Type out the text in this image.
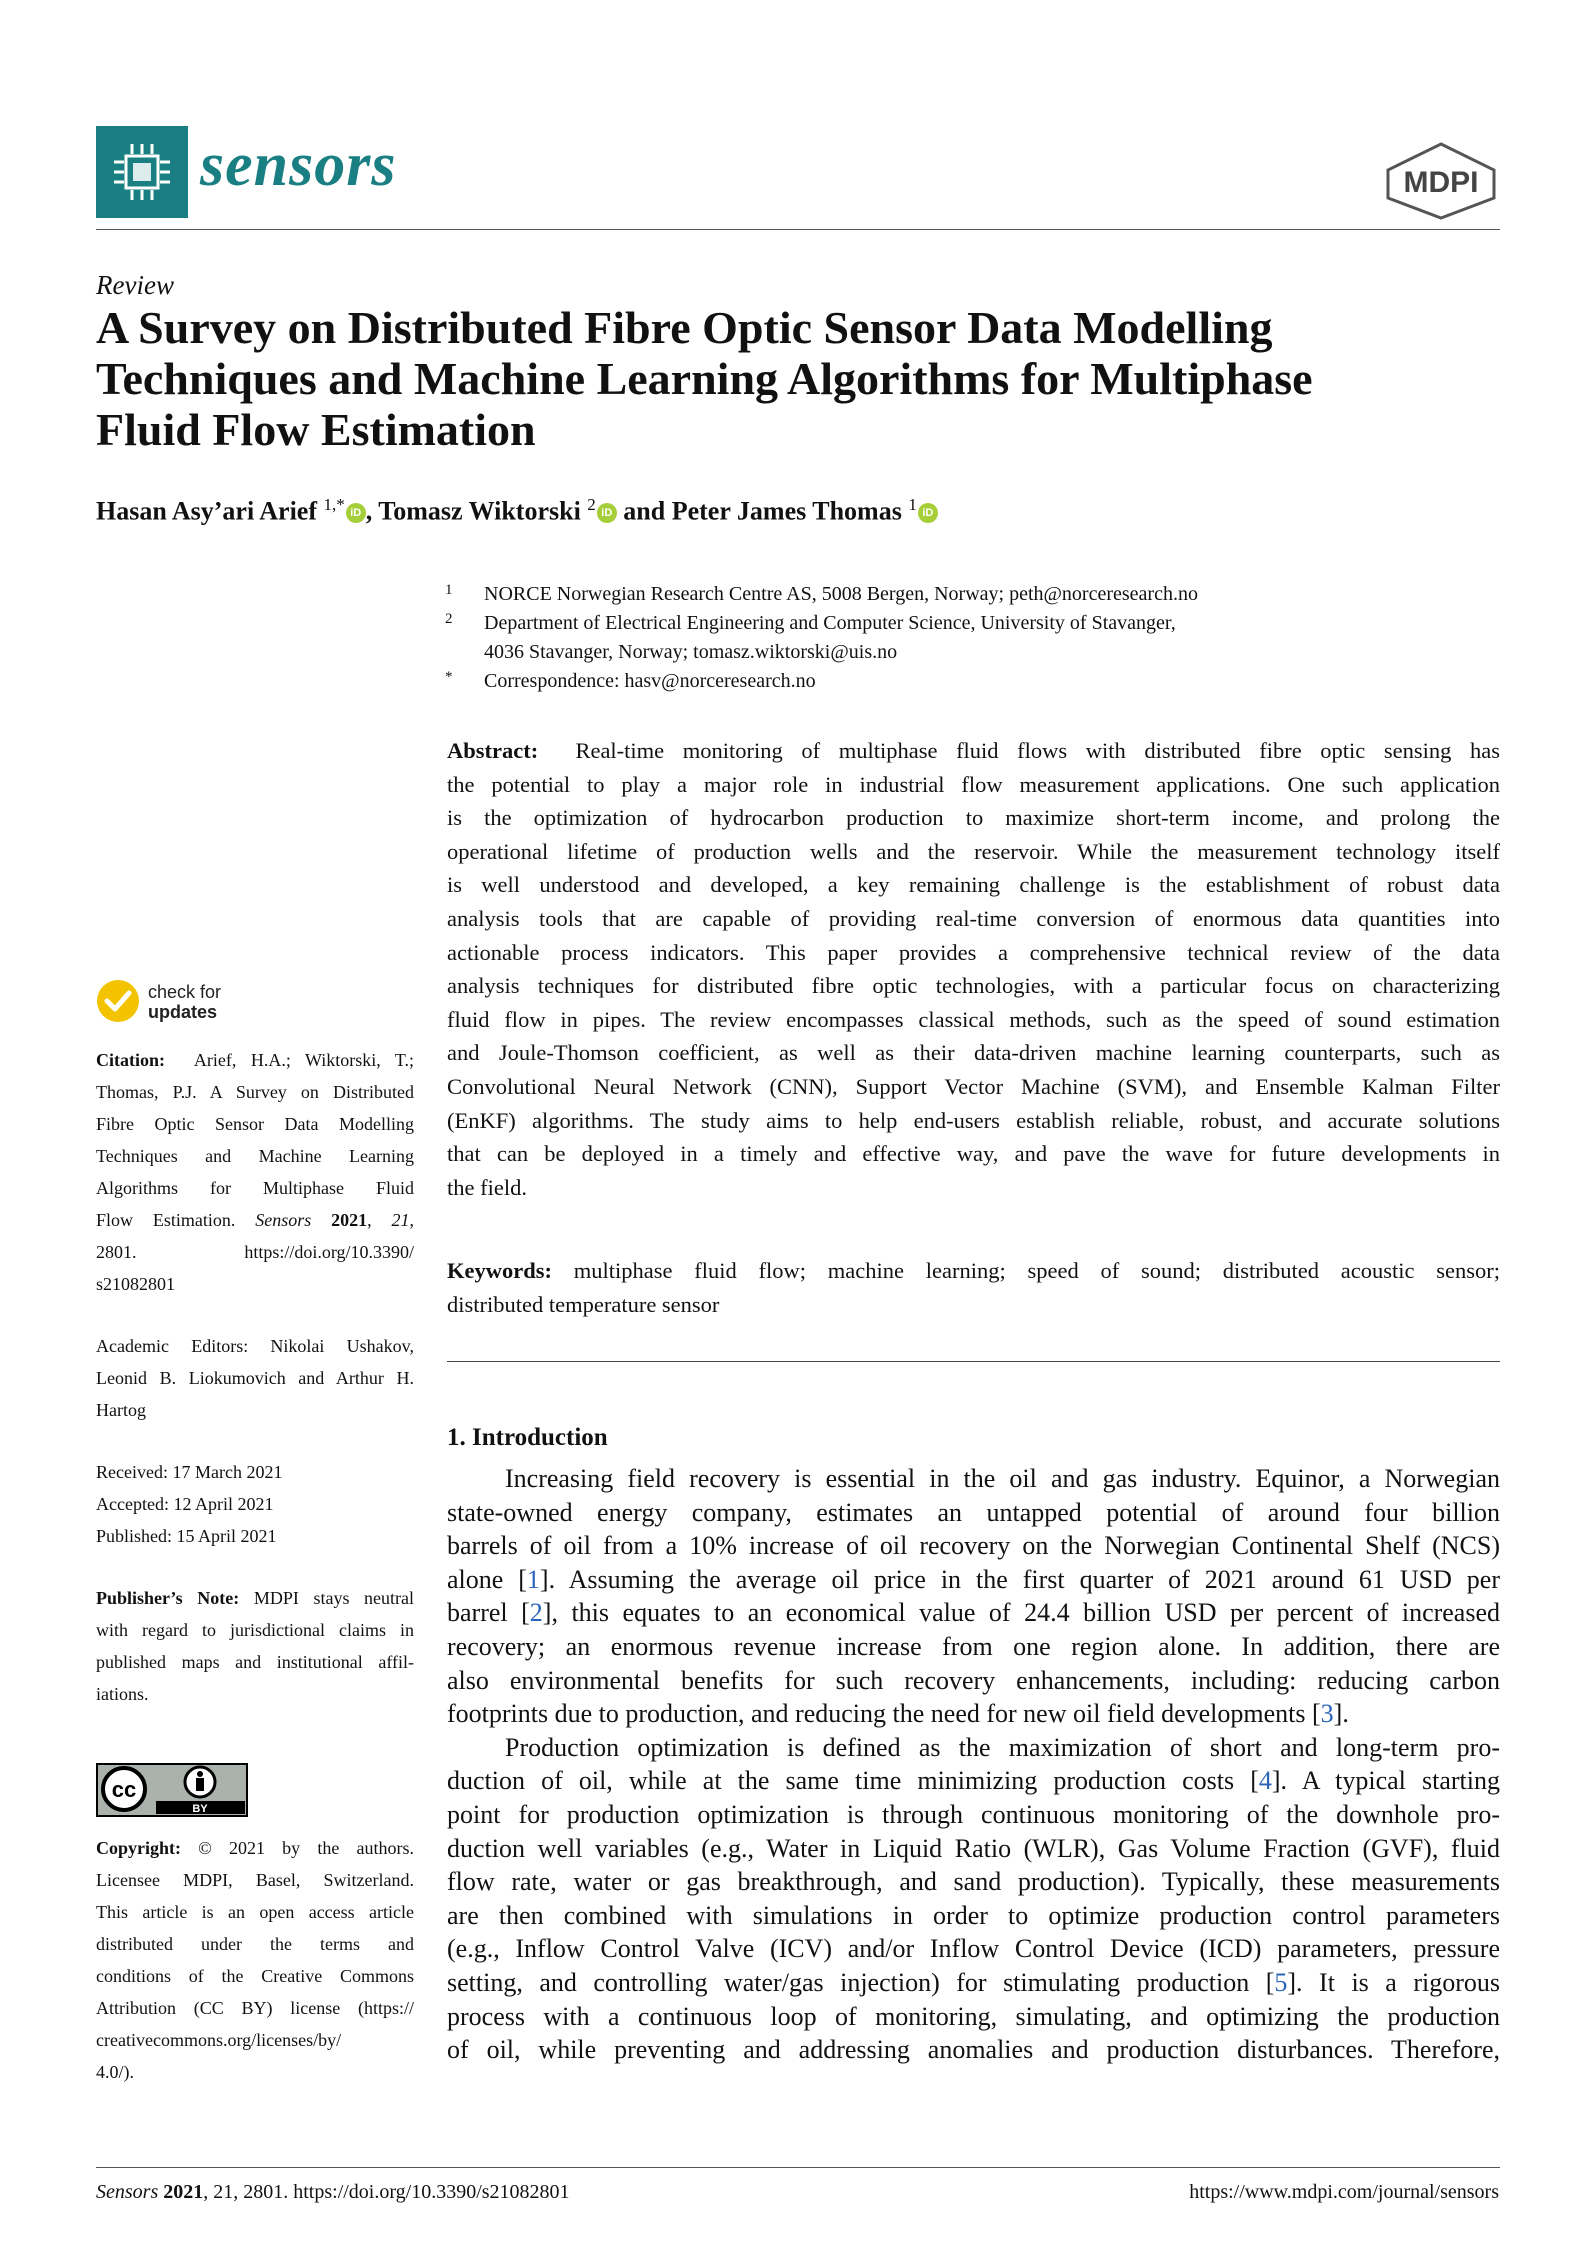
sensors	MDPI
Review
A Survey on Distributed Fibre Optic Sensor Data Modelling
Techniques and Machine Learning Algorithms for Multiphase
Fluid Flow Estimation
Hasan Asy’ari Arief $^{1,*}$ iD , Tomasz Wiktorski $^2$ iD and Peter James Thomas $^1$ iD
1 NORCE Norwegian Research Centre AS, 5008 Bergen, Norway; peth@norceresearch.no
2 Department of Electrical Engineering and Computer Science, University of Stavanger,
4036 Stavanger, Norway; tomasz.wiktorski@uis.no
* Correspondence: hasv@norceresearch.no
Abstract: Real-time monitoring of multiphase fluid flows with distributed fibre optic sensing has
the potential to play a major role in industrial flow measurement applications. One such application
is the optimization of hydrocarbon production to maximize short-term income, and prolong the
operational lifetime of production wells and the reservoir. While the measurement technology itself
is well understood and developed, a key remaining challenge is the establishment of robust data
analysis tools that are capable of providing real-time conversion of enormous data quantities into
actionable process indicators. This paper provides a comprehensive technical review of the data
analysis techniques for distributed fibre optic technologies, with a particular focus on characterizing
fluid flow in pipes. The review encompasses classical methods, such as the speed of sound estimation
and Joule-Thomson coefficient, as well as their data-driven machine learning counterparts, such as
Convolutional Neural Network (CNN), Support Vector Machine (SVM), and Ensemble Kalman Filter
(EnKF) algorithms. The study aims to help end-users establish reliable, robust, and accurate solutions
that can be deployed in a timely and effective way, and pave the wave for future developments in
the field.
Keywords: multiphase fluid flow; machine learning; speed of sound; distributed acoustic sensor;
distributed temperature sensor
1. Introduction
Increasing field recovery is essential in the oil and gas industry. Equinor, a Norwegian
state-owned energy company, estimates an untapped potential of around four billion
barrels of oil from a 10% increase of oil recovery on the Norwegian Continental Shelf (NCS)
alone [1]. Assuming the average oil price in the first quarter of 2021 around 61 USD per
barrel [2], this equates to an economical value of 24.4 billion USD per percent of increased
recovery; an enormous revenue increase from one region alone. In addition, there are
also environmental benefits for such recovery enhancements, including: reducing carbon
footprints due to production, and reducing the need for new oil field developments [3].
Production optimization is defined as the maximization of short and long-term pro-
duction of oil, while at the same time minimizing production costs [4]. A typical starting
point for production optimization is through continuous monitoring of the downhole pro-
duction well variables (e.g., Water in Liquid Ratio (WLR), Gas Volume Fraction (GVF), fluid
flow rate, water or gas breakthrough, and sand production). Typically, these measurements
are then combined with simulations in order to optimize production control parameters
(e.g., Inflow Control Valve (ICV) and/or Inflow Control Device (ICD) parameters, pressure
setting, and controlling water/gas injection) for stimulating production [5]. It is a rigorous
process with a continuous loop of monitoring, simulating, and optimizing the production
of oil, while preventing and addressing anomalies and production disturbances. Therefore,
check for
updates
Citation: Arief, H.A.; Wiktorski, T.;
Thomas, P.J. A Survey on Distributed
Fibre Optic Sensor Data Modelling
Techniques and Machine Learning
Algorithms for Multiphase Fluid
Flow Estimation. Sensors 2021, 21,
2801. https://doi.org/10.3390/
s21082801
Academic Editors: Nikolai Ushakov,
Leonid B. Liokumovich and Arthur H.
Hartog
Received: 17 March 2021
Accepted: 12 April 2021
Published: 15 April 2021
Publisher’s Note: MDPI stays neutral
with regard to jurisdictional claims in
published maps and institutional affil-
iations.
cc
BY
Copyright: © 2021 by the authors.
Licensee MDPI, Basel, Switzerland.
This article is an open access article
distributed under the terms and
conditions of the Creative Commons
Attribution (CC BY) license (https://
creativecommons.org/licenses/by/
4.0/).
Sensors 2021, 21, 2801. https://doi.org/10.3390/s21082801	https://www.mdpi.com/journal/sensors
